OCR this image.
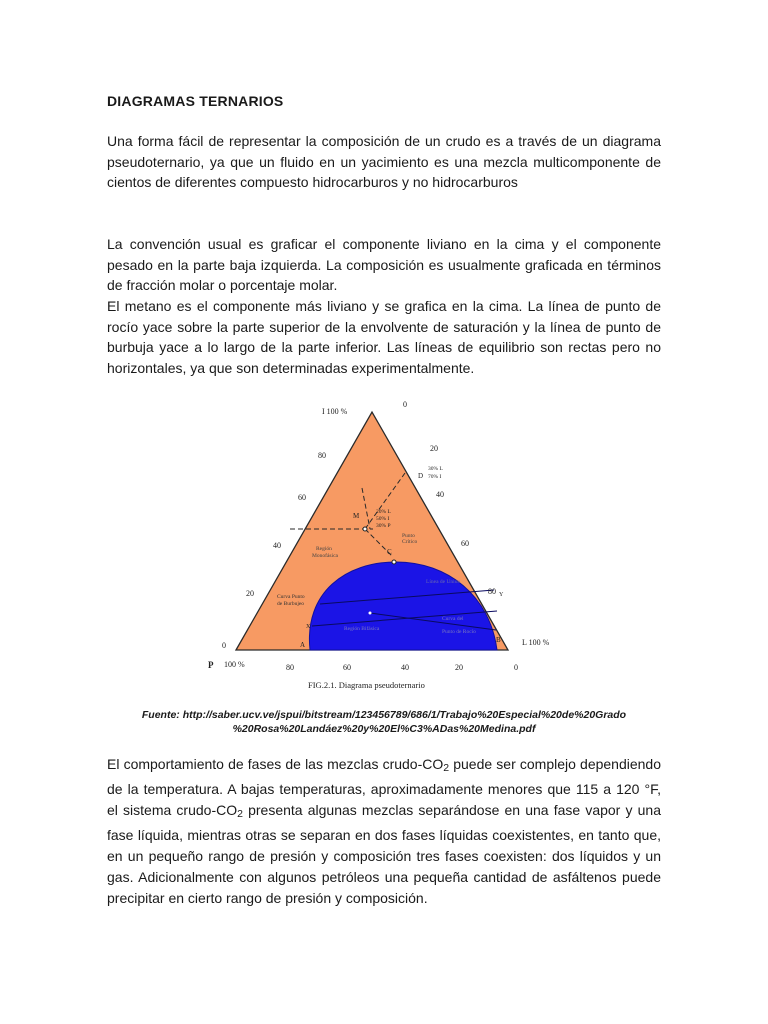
DIAGRAMAS TERNARIOS

Una forma fácil de representar la composición de un crudo es a través de un diagrama pseudoternario, ya que un fluido en un yacimiento es una mezcla multicomponente de cientos de diferentes compuesto hidrocarburos y no hidrocarburos

La convención usual es graficar el componente liviano en la cima y el componente pesado en la parte baja izquierda. La composición es usualmente graficada en términos de fracción molar o porcentaje molar.

El metano es el componente más liviano y se grafica en la cima. La línea de punto de rocío yace sobre la parte superior de la envolvente de saturación y la línea de punto de burbuja yace a lo largo de la parte inferior. Las líneas de equilibrio son rectas pero no horizontales, ya que son determinadas experimentalmente.

I 100 %
0
L 100 %
P 100 %
80
60
40
20
0
20
40
60
80
80	60	40	20	0
D
30% L
70% I
M	20% L
50% I
30% P
C
Punto
Crítico
Región
Monofásica
Curva Punto
de Burbujeo
X
Y
A
B
Línea de Unión
Región Bifásica
Curva del
Punto de Rocío
FIG.2.1. Diagrama pseudoternario
Fuente: http://saber.ucv.ve/jspui/bitstream/123456789/686/1/Trabajo%20Especial%20de%20Grado
%20Rosa%20Landáez%20y%20El%C3%ADas%20Medina.pdf

El comportamiento de fases de las mezclas crudo-$CO_2$ puede ser complejo dependiendo de la temperatura. A bajas temperaturas, aproximadamente menores que 115 a 120 °F, el sistema crudo-$CO_2$ presenta algunas mezclas separándose en una fase vapor y una fase líquida, mientras otras se separan en dos fases líquidas coexistentes, en tanto que, en un pequeño rango de presión y composición tres fases coexisten: dos líquidos y un gas. Adicionalmente con algunos petróleos una pequeña cantidad de asfáltenos puede precipitar en cierto rango de presión y composición.
